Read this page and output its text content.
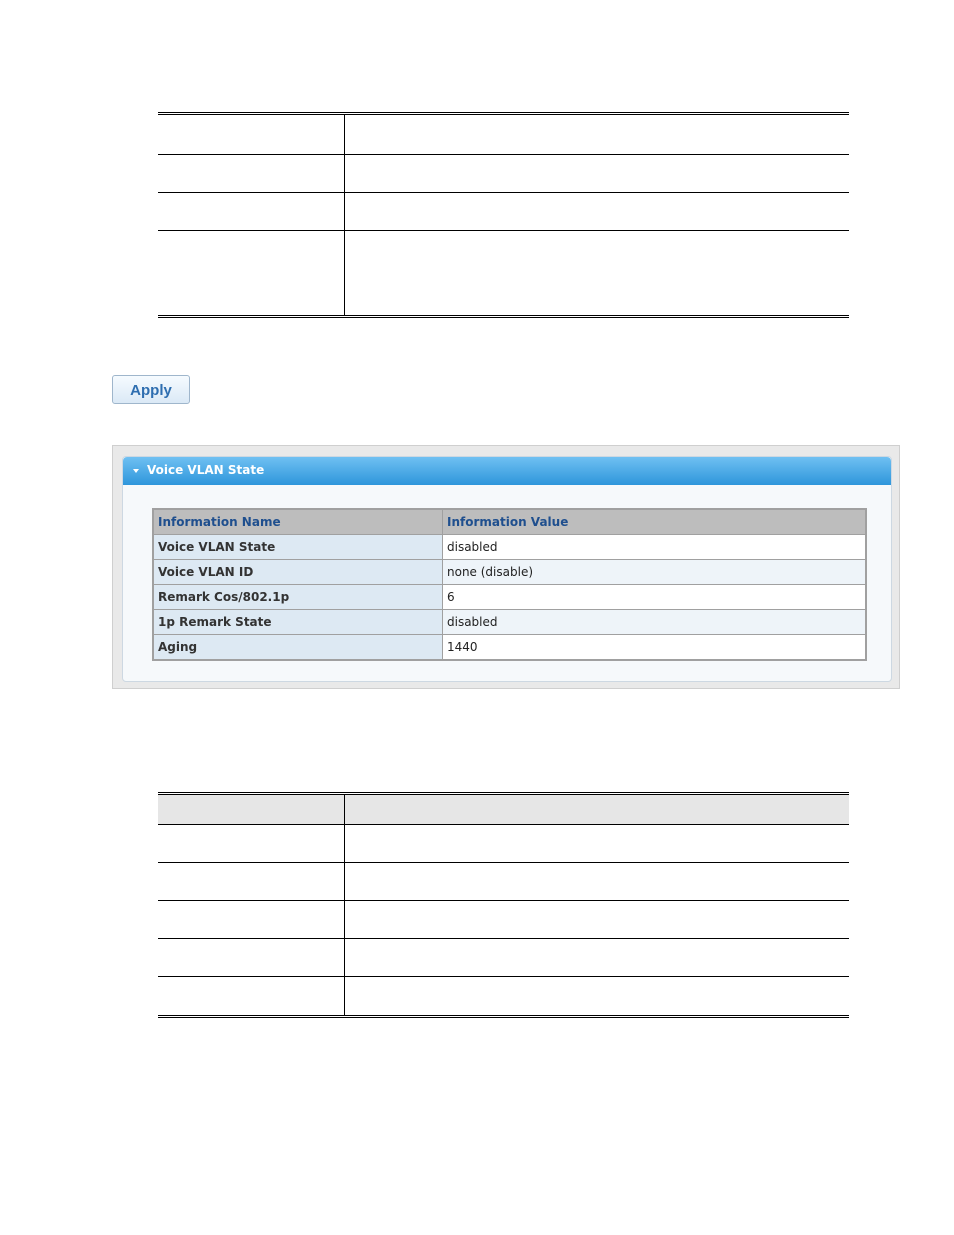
Apply
Voice VLAN State
Information Name	Information Value
Voice VLAN State	disabled
Voice VLAN ID	none (disable)
Remark Cos/802.1p	6
1p Remark State	disabled
Aging	1440
